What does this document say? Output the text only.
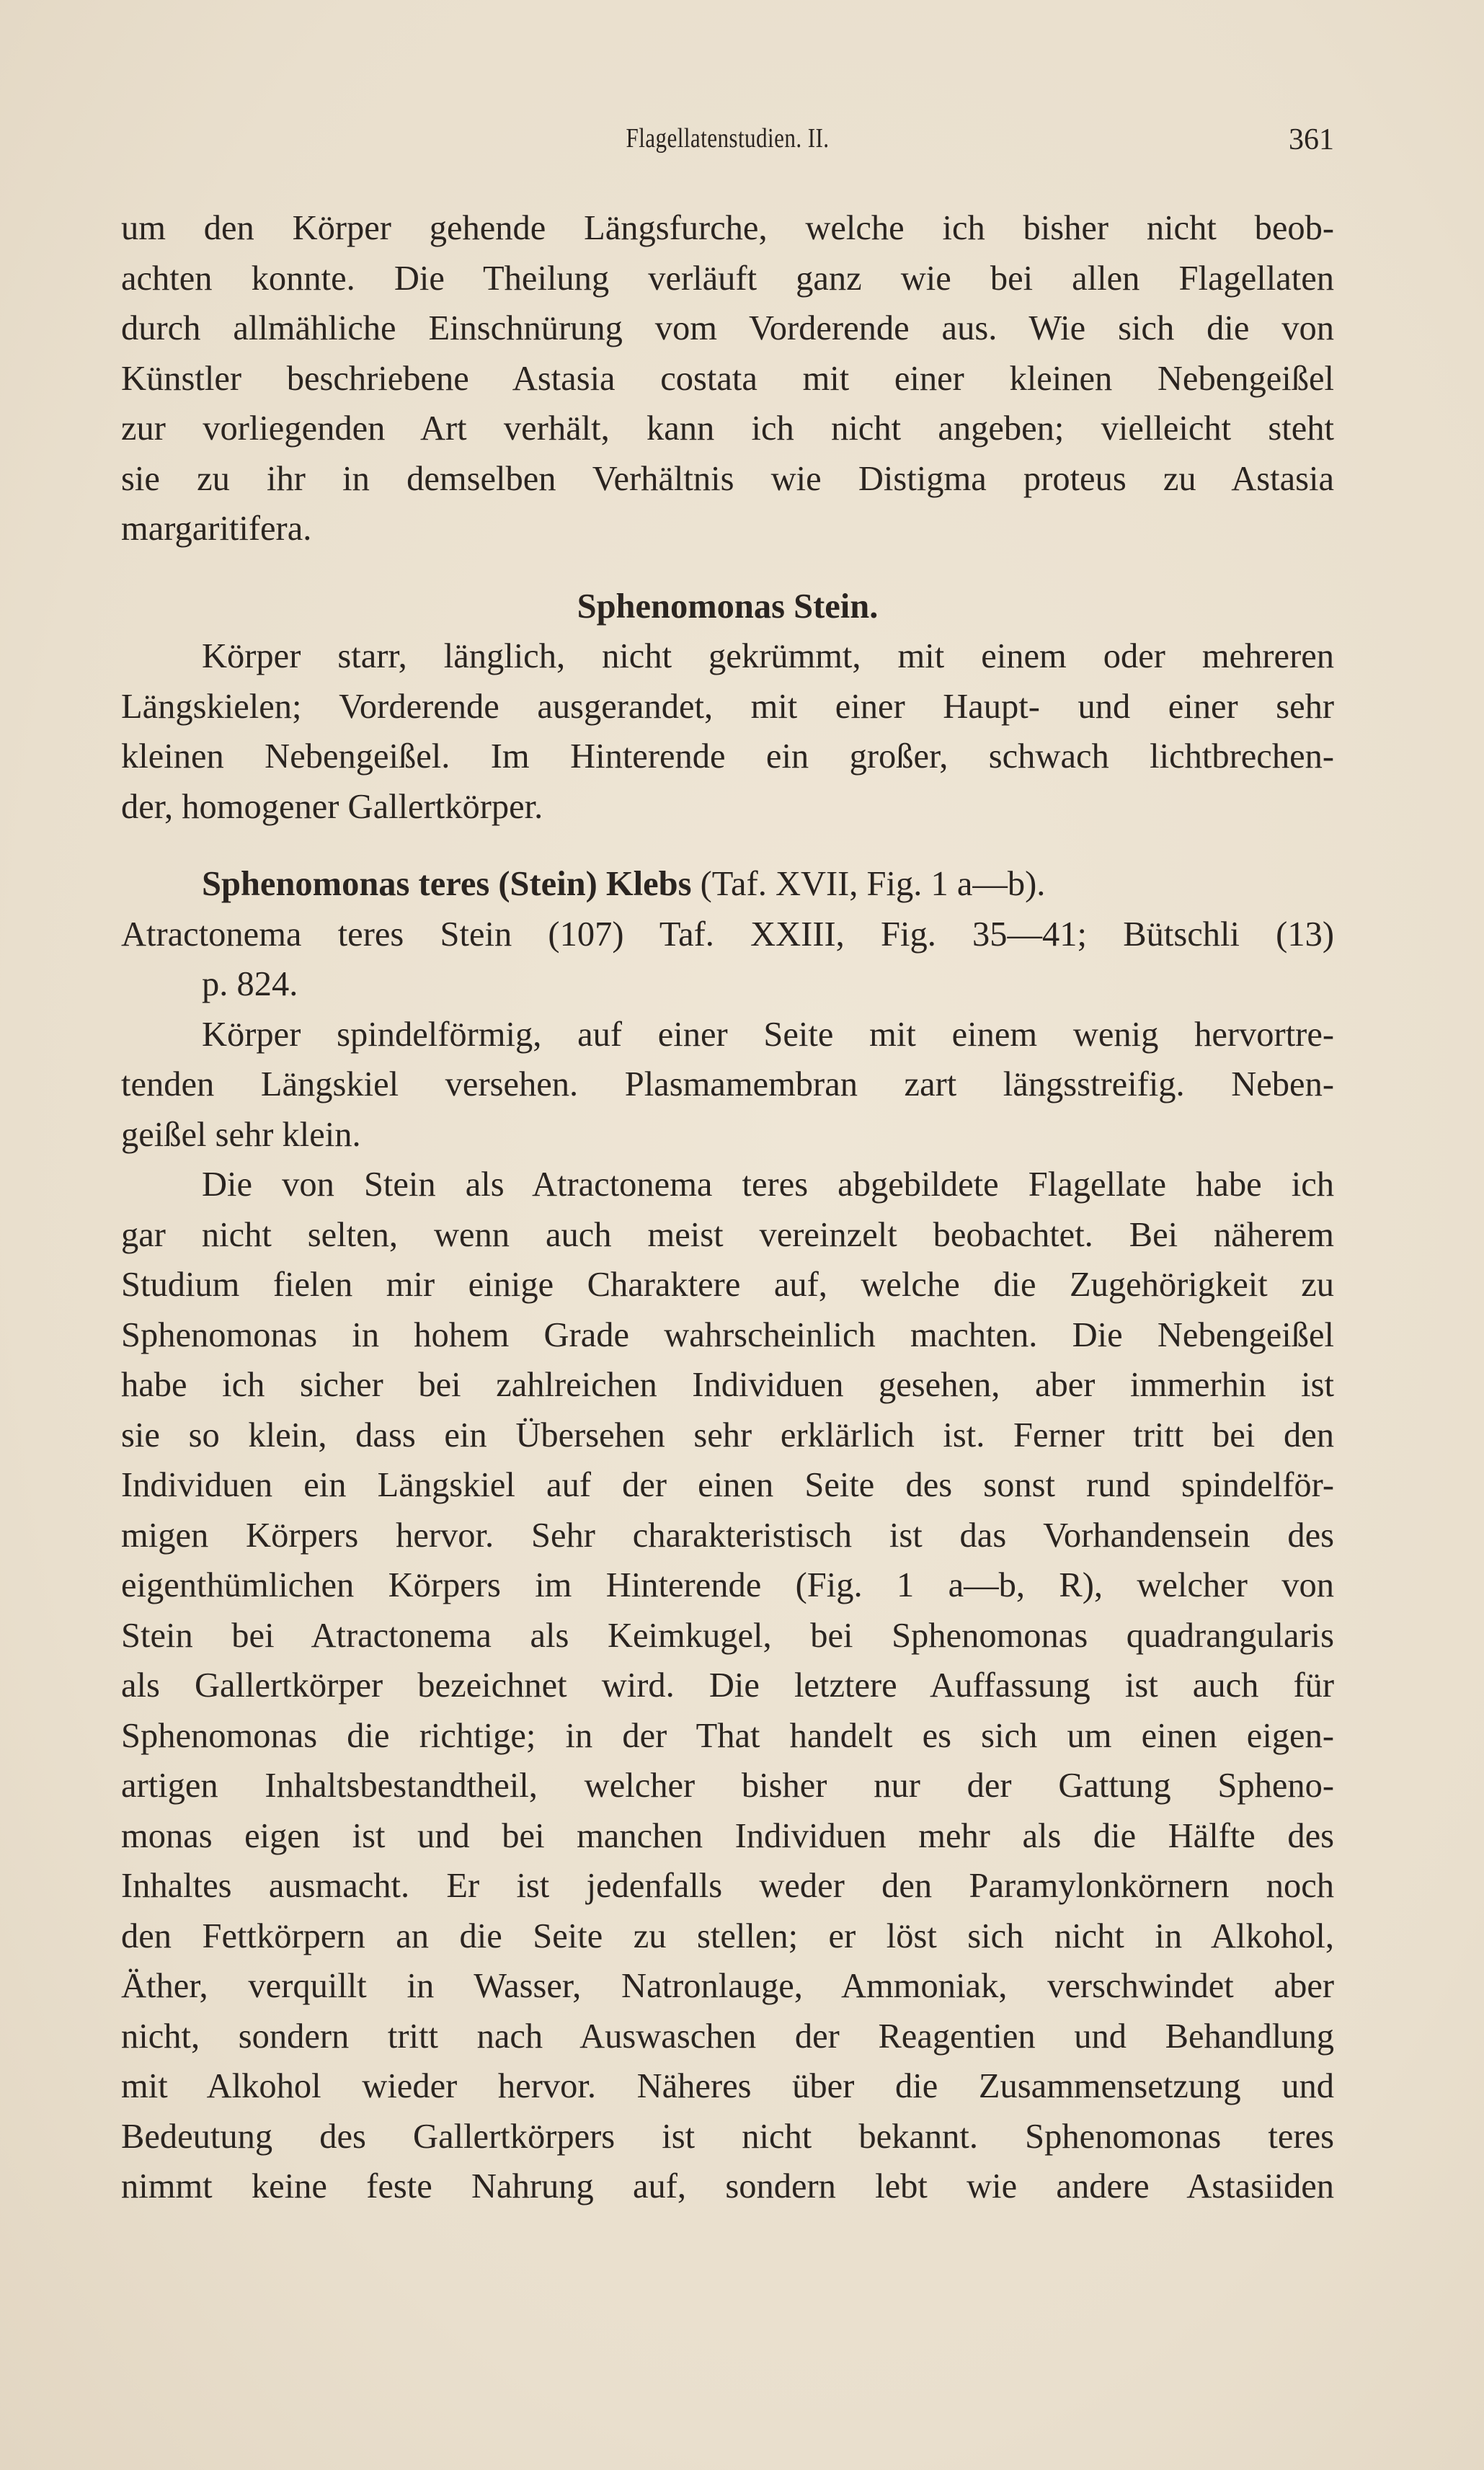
Flagellatenstudien. II.	361
um den Körper gehende Längsfurche, welche ich bisher nicht beob-
achten konnte. Die Theilung verläuft ganz wie bei allen Flagellaten
durch allmähliche Einschnürung vom Vorderende aus. Wie sich die von
Künstler beschriebene Astasia costata mit einer kleinen Nebengeißel
zur vorliegenden Art verhält, kann ich nicht angeben; vielleicht steht
sie zu ihr in demselben Verhältnis wie Distigma proteus zu Astasia
margaritifera.
Sphenomonas Stein.
Körper starr, länglich, nicht gekrümmt, mit einem oder mehreren
Längskielen; Vorderende ausgerandet, mit einer Haupt- und einer sehr
kleinen Nebengeißel. Im Hinterende ein großer, schwach lichtbrechen-
der, homogener Gallertkörper.
Sphenomonas teres (Stein) Klebs (Taf. XVII, Fig. 1 a—b).
Atractonema teres Stein (107) Taf. XXIII, Fig. 35—41; Bütschli (13)
p. 824.
Körper spindelförmig, auf einer Seite mit einem wenig hervortre-
tenden Längskiel versehen. Plasmamembran zart längsstreifig. Neben-
geißel sehr klein.
Die von Stein als Atractonema teres abgebildete Flagellate habe ich
gar nicht selten, wenn auch meist vereinzelt beobachtet. Bei näherem
Studium fielen mir einige Charaktere auf, welche die Zugehörigkeit zu
Sphenomonas in hohem Grade wahrscheinlich machten. Die Nebengeißel
habe ich sicher bei zahlreichen Individuen gesehen, aber immerhin ist
sie so klein, dass ein Übersehen sehr erklärlich ist. Ferner tritt bei den
Individuen ein Längskiel auf der einen Seite des sonst rund spindelför-
migen Körpers hervor. Sehr charakteristisch ist das Vorhandensein des
eigenthümlichen Körpers im Hinterende (Fig. 1 a—b, R), welcher von
Stein bei Atractonema als Keimkugel, bei Sphenomonas quadrangularis
als Gallertkörper bezeichnet wird. Die letztere Auffassung ist auch für
Sphenomonas die richtige; in der That handelt es sich um einen eigen-
artigen Inhaltsbestandtheil, welcher bisher nur der Gattung Spheno-
monas eigen ist und bei manchen Individuen mehr als die Hälfte des
Inhaltes ausmacht. Er ist jedenfalls weder den Paramylonkörnern noch
den Fettkörpern an die Seite zu stellen; er löst sich nicht in Alkohol,
Äther, verquillt in Wasser, Natronlauge, Ammoniak, verschwindet aber
nicht, sondern tritt nach Auswaschen der Reagentien und Behandlung
mit Alkohol wieder hervor. Näheres über die Zusammensetzung und
Bedeutung des Gallertkörpers ist nicht bekannt. Sphenomonas teres
nimmt keine feste Nahrung auf, sondern lebt wie andere Astasiiden
